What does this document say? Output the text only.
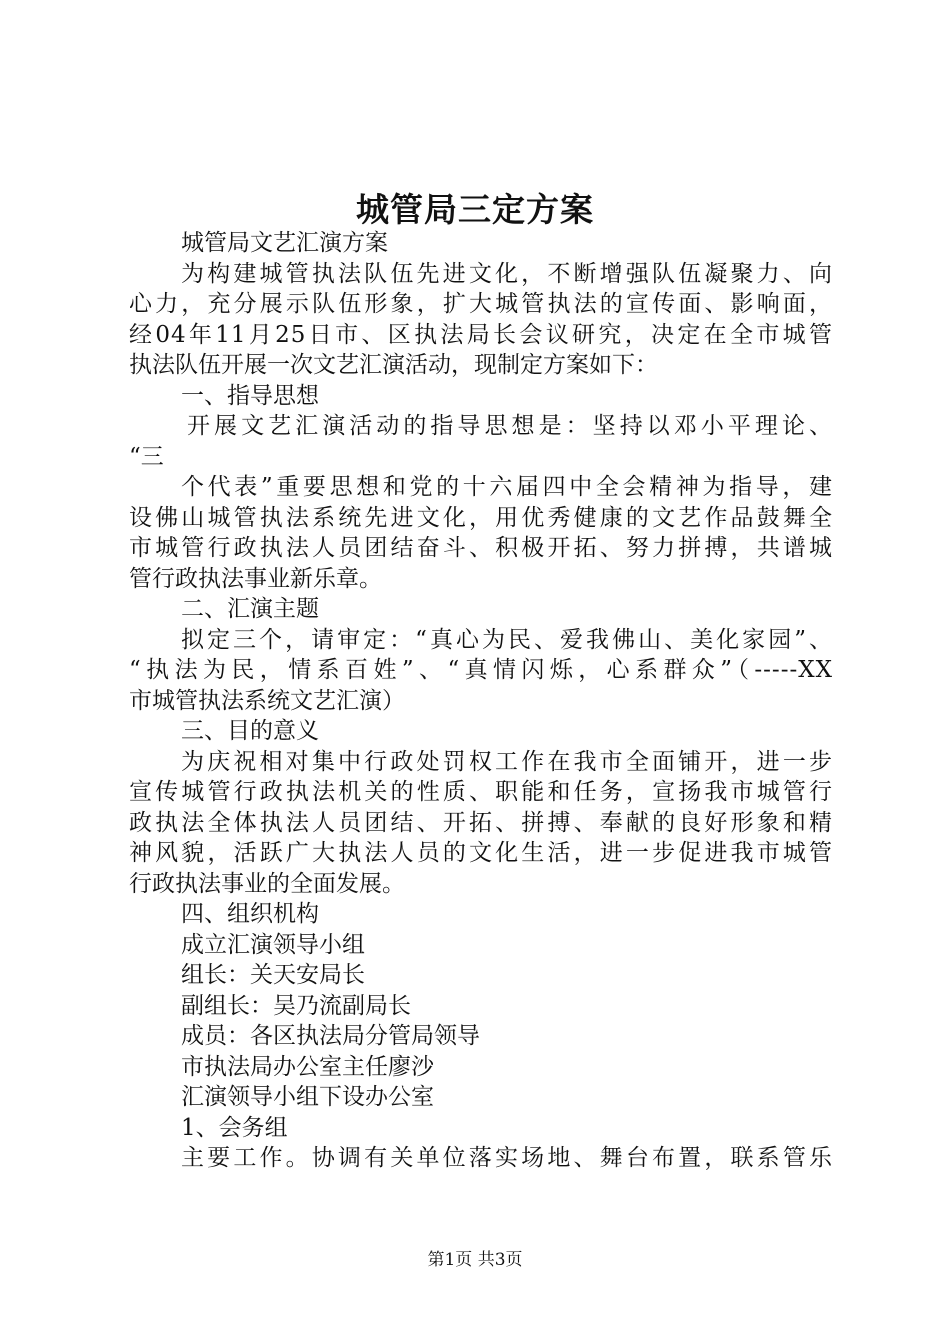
城管局三定方案

城管局文艺汇演方案

为构建城管执法队伍先进文化，不断增强队伍凝聚力、向

心力，充分展示队伍形象，扩大城管执法的宣传面、影响面，

经04年11月25日市、区执法局长会议研究，决定在全市城管

执法队伍开展一次文艺汇演活动，现制定方案如下：

一、指导思想

开展文艺汇演活动的指导思想是：坚持以邓小平理论、

“三

个代表”重要思想和党的十六届四中全会精神为指导，建

设佛山城管执法系统先进文化，用优秀健康的文艺作品鼓舞全

市城管行政执法人员团结奋斗、积极开拓、努力拼搏，共谱城

管行政执法事业新乐章。

二、汇演主题

拟定三个，请审定：“真心为民、爱我佛山、美化家园”、

“执法为民，情系百姓”、“真情闪烁，心系群众”（-----XX

市城管执法系统文艺汇演）

三、目的意义

为庆祝相对集中行政处罚权工作在我市全面铺开，进一步

宣传城管行政执法机关的性质、职能和任务，宣扬我市城管行

政执法全体执法人员团结、开拓、拼搏、奉献的良好形象和精

神风貌，活跃广大执法人员的文化生活，进一步促进我市城管

行政执法事业的全面发展。

四、组织机构

成立汇演领导小组

组长：关天安局长

副组长：吴乃流副局长

成员：各区执法局分管局领导

市执法局办公室主任廖沙

汇演领导小组下设办公室

1、会务组

主要工作。协调有关单位落实场地、舞台布置，联系管乐

第1页 共3页
